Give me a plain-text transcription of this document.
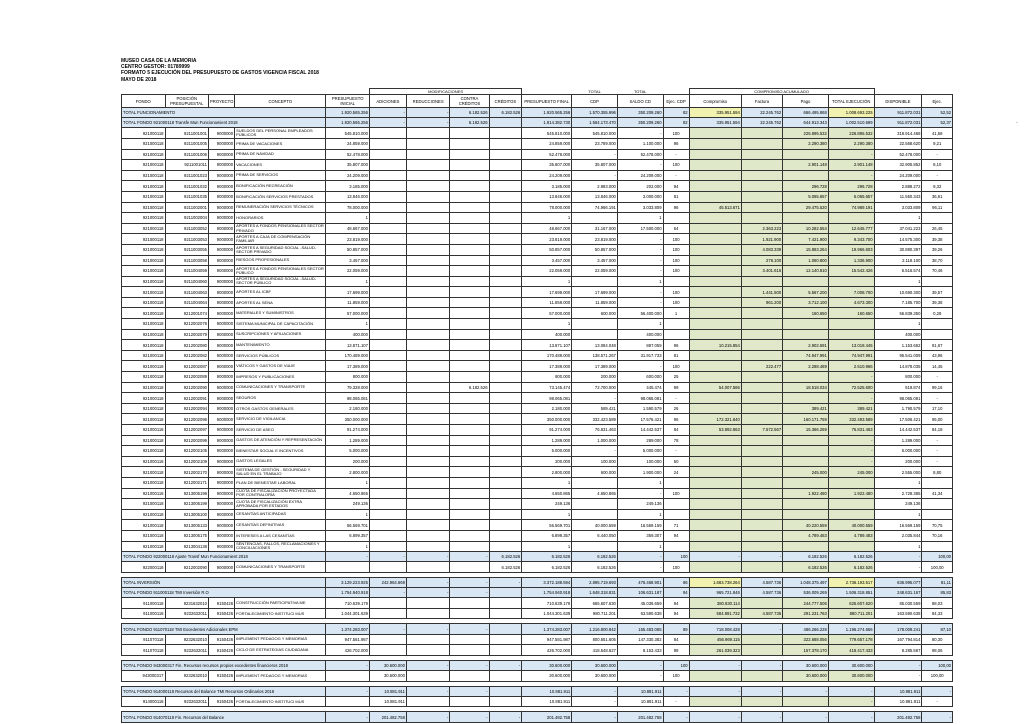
MUSEO CASA DE LA MEMORIA
CENTRO GESTOR: 01789999
FORMATO 5 EJECUCIÓN DEL PRESUPUESTO DE GASTOS VIGENCIA FISCAL 2018
MAYO DE 2018
					MODIFICACIONES					TOTAL	TOTAL		COMPROMISO ACUMULADO					
FONDO	POSICIÓN PRESUPUESTAL	PROYECTO	CONCEPTO	PRESUPUESTO INICIAL	ADICIONES	REDUCCIONES	CONTRA CRÉDITOS	CRÉDITOS	PRESUPUESTO FINAL	CDP	SALDO CD	Ejec. CDP	Compromiso	Factura	Pago	TOTAL EJECUCIÓN	DISPONIBLE	Ejec.
TOTAL FUNCIONAMIENTO				1.920.565.256	-	-	6.182.526	6.182.526	1.920.565.256	1.570.355.996	350.209.260	82	335.951.594	22.245.762	666.495.868	1.008.693.225	911.872.031	52,52
TOTAL FONDO 921000118 Transfe Mun Funcionamient 2018				1.920.565.256	-	-	6.182.526		1.914.382.730	1.564.173.470	350.209.260	82	335.951.594	22.245.762	644.913.343	1.002.510.699	911.872.031	52,37
921000118	9211001001	9000000	SUELDOS DEL PERSONAL EMPLEADOS PÚBLICOS	545.810.000					545.810.000	545.810.000	-	100			226.895.532	226.895.532	318.914.468	41,58
921000118	9211001005	9000000	PRIMA DE VACACIONES	24.859.000					24.859.000	23.789.000	1.100.000	96			2.290.380	2.290.380	22.568.620	9,21
921000118	9211001006	9000000	PRIMA DE NAVIDAD	52.478.000					52.478.000	-	52.478.000	-				-	52.478.000	-
921000118	9211001011	9000000	VACACIONES	35.807.000					35.807.000	35.807.000	-	100			2.901.148	2.901.148	32.905.852	8,10
921000118	9211001023	9000000	PRIMA DE SERVICIOS	24.209.000					24.209.000	-	24.209.000	-				-	24.209.000	-
921000118	9211001032	9000000	BONIFICACIÓN RECREACIÓN	3.185.000					3.185.000	2.983.000	202.000	94			296.728	296.728	2.888.272	9,32
921000118	9211001035	9000000	BONIFICACIÓN SERVICIOS PRESTADOS	13.846.000					13.846.000	13.846.000	3.000.000	81			5.065.657	5.065.657	11.550.343	36,61
921000118	9211002001	9000000	REMUNERACIÓN SERVICIOS TÉCNICOS	78.000.000					78.000.000	74.966.191	3.033.809	96	45.513.671		29.475.520	74.989.191	3.033.809	96,11
921000118	9211002004	9000000	HONORARIOS	1					1		1						1	
921000118	9211003052	9000000	APORTES A FONDOS PENSIONALES SECTOR PRIVADO	48.667.000					48.667.000	31.167.000	17.500.000	64		2.363.223	10.282.554	12.645.777	37.041.223	26,45
921000118	9211003053	9000000	APORTES A CAJA DE COMPENSACIÓN FAMILIAR	23.819.000					23.819.000	23.819.000	-	100		1.921.900	7.421.900	9.343.700	14.575.300	39,38
921000118	9211003055	9000000	APORTES A SEGURIDAD SOCIAL -SALUD- SECTOR PRIVADO	50.857.000					50.857.000	50.857.000	-	100		4.083.339	15.883.264	19.966.603	30.890.397	39,26
921000118	9211003058	9000000	RIESGOS PROFESIONALES	3.457.000					3.457.000	3.457.000	-	100		276.100	1.060.800	1.336.900	2.118.100	38,70
921000118	9211004059	9000000	APORTES A FONDOS PENSIONALES SECTOR PÚBLICO	22.059.000					22.059.000	22.059.000	-	100		3.401.616	12.140.810	15.542.426	6.516.574	70,46
921000118	9211004060	9000000	APORTES A SEGURIDAD SOCIAL -SALUD- SECTOR PÚBLICO	1					1		1						1	
921000118	9211004063	9000000	APORTES AL ICBF	17.699.000					17.699.000	17.699.000	-	100		1.441.500	5.567.200	7.008.700	10.690.300	39,57
921000118	9211004064	9000000	APORTES AL SENA	11.859.000					11.859.000	11.859.000	-	100		961.200	3.712.100	4.673.300	7.185.700	39,38
921000118	9212001074	9000000	MATERIALES Y SUMINISTROS	57.000.000					57.000.000	600.000	56.400.000	1			160.650	160.650	56.839.350	0,28
921000118	9212002078	9000000	SISTEMA MUNICIPAL DE CAPACITACIÓN	1					1		1						1	
921000118	9212002079	9000000	SUSCRIPCIONES Y AFILIACIONES	400.000					400.000		400.000						400.000	
921000118	9212002080	9000000	MANTENIMIENTO	13.871.107					13.871.107	13.084.048	887.059	96	10.215.854		2.902.591	13.018.445	1.153.662	91,67
921000118	9212002082	9000000	SERVICIOS PÚBLICOS	170.489.000					170.489.000	138.571.267	31.917.733	81			74.947.991	74.947.991	95.541.009	43,96
921000118	9212002087	9000000	VIÁTICOS Y GASTOS DE VIAJE	17.389.000					17.389.000	17.389.000	-	100		222.477	2.288.489	2.510.966	14.878.035	14,45
921000118	9212002089	9000000	IMPRESOS Y PUBLICACIONES	800.000					800.000	200.000	600.000	25				-	800.000	-
921000118	9212002090	9000000	COMUNICACIONES Y TRANSPORTE	79.328.000			6.182.526		73.145.474	72.700.000	445.474	99	54.007.566		18.518.034	72.525.600	619.874	99,16
921000118	9212002091	9000000	SEGUROS	98.065.081					98.065.081	-	98.065.081	-				-	98.065.081	-
921000118	9212002094	9000000	OTROS GASTOS GENERALES	2.180.000					2.180.000	589.421	1.590.579	26			389.421	389.421	1.790.579	17,10
921000118	9212002096	9000000	SERVICIO DE VIGILANCIA	350.000.000					350.000.000	332.423.589	17.576.421	95	172.321.840		160.171.759	332.493.589	17.506.421	95,00
921000118	9212002097	9000000	SERVICIO DE ASEO	91.274.000					91.274.000	76.831.463	14.442.537	84	53.892.863	7.572.567	15.366.269	76.831.463	14.442.537	84,18
921000118	9212002099	9000000	GASTOS DE ATENCIÓN Y REPRESENTACIÓN	1.289.000					1.289.000	1.000.000	289.000	78				-	1.289.000	-
921000118	9212002105	9000000	BIENESTAR SOCIAL E INCENTIVOS	5.000.000					5.000.000	-	5.000.000	-				-	5.000.000	-
921000118	9212002109	9000000	GASTOS LEGALES	200.000					200.000	100.000	100.000	50				-	200.000	-
921000118	9212002170	9000000	SISTEMA DE GESTIÓN - SEGURIDAD Y SALUD EN EL TRABAJO	2.800.000					2.800.000	600.000	1.900.000	24			245.000	245.000	2.555.000	8,80
921000118	9212002171	9000000	PLAN DE BIENESTAR LABORAL	1					1		1						1	
921000118	9213005198	9000000	CUOTA DE FISCALIZACIÓN PROYECTADA POR CONTRALORÍA	4.650.865					4.650.865	4.650.865	-	100			1.922.480	1.922.480	2.728.385	41,34
921000118	9213005199	9000000	CUOTA DE FISCALIZACIÓN EXTRA APROBADA POR ESTADOS	249.136					249.136		249.136						249.136	
921000118	9213005100	9000000	CESANTÍAS ANTICIPADAS	1					1		1						1	
921000118	9213005133	9000000	CESANTÍAS DEFINITIVAS	56.569.701					56.569.701	40.000.559	16.569.159	71			40.220.559	40.000.559	16.569.159	70,75
921000118	9213005175	9000000	INTERESES A LAS CESANTÍAS	6.899.357					6.899.357	6.440.050	359.307	94			4.789.483	4.789.483	2.035.844	70,16
921000118	9213004138	9000000	SENTENCIAS, FALLOS, RECLAMACIONES Y CONCILIACIONES	1					1		1						1	
TOTAL FONDO 922000118 Ajuste Transf Mun Funcionamient 2018				-	-	-	-	6.182.526	6.182.526	6.182.526	-	100	-	-	6.182.526	6.182.526	-	100,00
922000118	9212002090	9000000	COMUNICACIONES Y TRANSPORTE					6.182.526	6.182.526	6.182.526	-	100			6.182.526	6.182.526	-	100,00

TOTAL INVERSIÓN				3.129.223.925	242.964.669	-	-	-	3.372.188.594	2.895.719.693	476.468.901	86	1.683.738.264	4.587.736	1.048.375.497	2.736.193.517	636.995.077	81,11
TOTAL FONDO 911000118 TMI Inversión R.O				1.754.940.918	-	-	-		1.754.940.918	1.648.318.831	106.631.187	94	965.721.846	4.587.736	536.009.269	1.506.318.851	248.631.167	85,83
911000118	9231632010	9150426	CONSTRUCCIÓN PARTICIPATIVA ME	710.639.179					710.639.179	665.607.630	45.036.659	94	380.830.114		244.777.506	625.607.620	85.030.559	88,03
911000118	9232632011	9150426	FORTALECIMIENTO INSTITUCI MUS	1.044.301.639					1.044.301.639	980.711.201	63.590.638	94	584.891.732	4.587.736	291.231.763	880.711.201	163.590.638	84,33

TOTAL FONDO 911070118 TMI Excedentes Adicionales EPM				1.374.283.007	-	-	-		1.374.283.007	1.216.800.842	155.483.065	89	718.008.428	-	486.266.228	1.196.274.656	178.009.241	87,10
911070118	9232632010	9150426	IMPLEMENT PEDAGOG Y MEMORIAS	947.581.987					947.581.987	800.651.605	147.330.382	84	456.969.115		322.688.056	779.657.178	167.794.814	80,30
911070118	9232632011	9150426	CICLO DE ESTRATEGIAS CIUDADANA	426.702.000					426.702.000	418.548.627	8.153.433	98	261.039.323		157.378.170	418.417.433	8.285.567	98,06

TOTAL FONDO 943000317 Fin. Recursos recursos propios excedentes financieros 2018				-	30.600.000	-	-	-	30.600.000	30.600.000	-	100	-	-	30.600.000	30.600.000	-	100,00
943000317	9232632010	9150426	IMPLEMENT PEDAGOG Y MEMORIAS		30.600.000				30.600.000	30.600.000	-	100			30.600.000	30.600.000	-	100,00

TOTAL FONDO 914000118 Recursos del Balance TMI Recursos Ordinarios 2018				-	10.881.911	-	-		10.881.911	-	10.881.911	-	-	-	-	-	10.881.911	-
914000118	9232632011	9150426	FORTALECIMIENTO INSTITUCI MUS		10.881.911				10.881.911	-	10.881.911	-				-	10.881.911	-

TOTAL FONDO 914070118 Fin. Recursos del Balance				-	201.482.758	-	-	-	201.482.758	-	201.482.758	-	-	-	-	-	201.482.758	-
·
